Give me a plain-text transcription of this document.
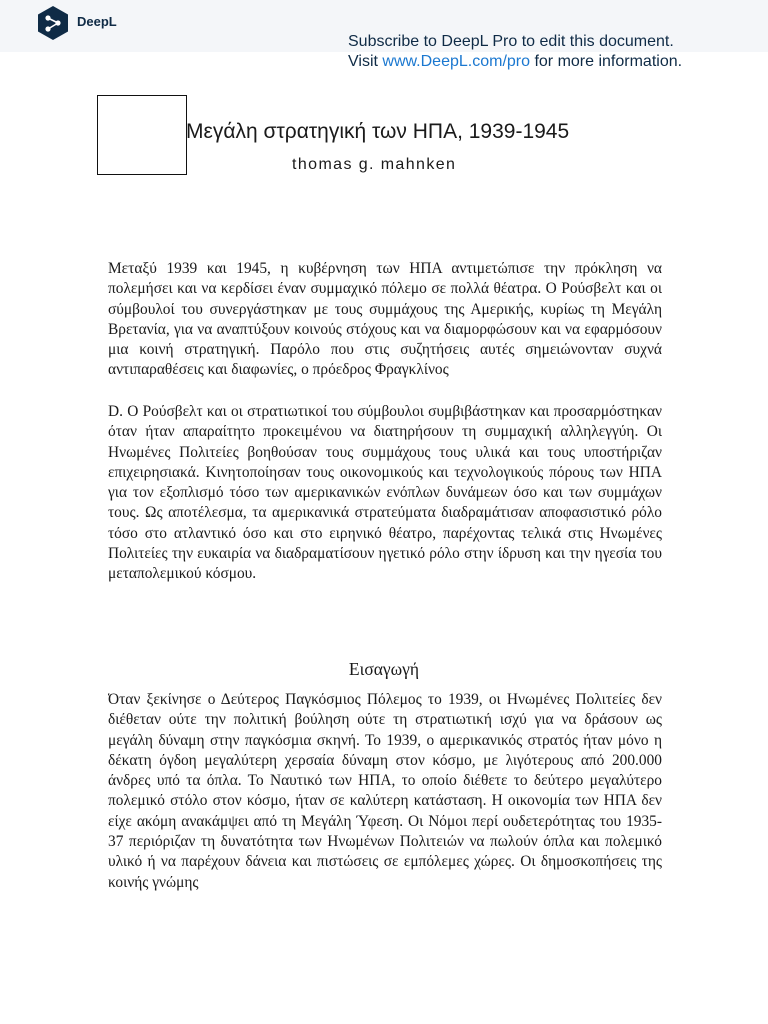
DeepL
Subscribe to DeepL Pro to edit this document.
Visit www.DeepL.com/pro for more information.
Μεγάλη στρατηγική των ΗΠΑ, 1939-1945
thomas g. mahnken

Μεταξύ 1939 και 1945, η κυβέρνηση των ΗΠΑ αντιμετώπισε την πρόκληση να πολεμήσει και να κερδίσει έναν συμμαχικό πόλεμο σε πολλά θέατρα. Ο Ρούσβελτ και οι σύμβουλοί του συνεργάστηκαν με τους συμμάχους της Αμερικής, κυρίως τη Μεγάλη Βρετανία, για να αναπτύξουν κοινούς στόχους και να διαμορφώσουν και να εφαρμόσουν μια κοινή στρατηγική. Παρόλο που στις συζητήσεις αυτές σημειώνονταν συχνά αντιπαραθέσεις και διαφωνίες, ο πρόεδρος Φραγκλίνος

D. Ο Ρούσβελτ και οι στρατιωτικοί του σύμβουλοι συμβιβάστηκαν και προσαρμόστηκαν όταν ήταν απαραίτητο προκειμένου να διατηρήσουν τη συμμαχική αλληλεγγύη. Οι Ηνωμένες Πολιτείες βοηθούσαν τους συμμάχους τους υλικά και τους υποστήριζαν επιχειρησιακά. Κινητοποίησαν τους οικονομικούς και τεχνολογικούς πόρους των ΗΠΑ για τον εξοπλισμό τόσο των αμερικανικών ενόπλων δυνάμεων όσο και των συμμάχων τους. Ως αποτέλεσμα, τα αμερικανικά στρατεύματα διαδραμάτισαν αποφασιστικό ρόλο τόσο στο ατλαντικό όσο και στο ειρηνικό θέατρο, παρέχοντας τελικά στις Ηνωμένες Πολιτείες την ευκαιρία να διαδραματίσουν ηγετικό ρόλο στην ίδρυση και την ηγεσία του μεταπολεμικού κόσμου.

Εισαγωγή

Όταν ξεκίνησε ο Δεύτερος Παγκόσμιος Πόλεμος το 1939, οι Ηνωμένες Πολιτείες δεν διέθεταν ούτε την πολιτική βούληση ούτε τη στρατιωτική ισχύ για να δράσουν ως μεγάλη δύναμη στην παγκόσμια σκηνή. Το 1939, ο αμερικανικός στρατός ήταν μόνο η δέκατη όγδοη μεγαλύτερη χερσαία δύναμη στον κόσμο, με λιγότερους από 200.000 άνδρες υπό τα όπλα. Το Ναυτικό των ΗΠΑ, το οποίο διέθετε το δεύτερο μεγαλύτερο πολεμικό στόλο στον κόσμο, ήταν σε καλύτερη κατάσταση. Η οικονομία των ΗΠΑ δεν είχε ακόμη ανακάμψει από τη Μεγάλη Ύφεση. Οι Νόμοι περί ουδετερότητας του 1935-37 περιόριζαν τη δυνατότητα των Ηνωμένων Πολιτειών να πωλούν όπλα και πολεμικό υλικό ή να παρέχουν δάνεια και πιστώσεις σε εμπόλεμες χώρες. Οι δημοσκοπήσεις της κοινής γνώμης
